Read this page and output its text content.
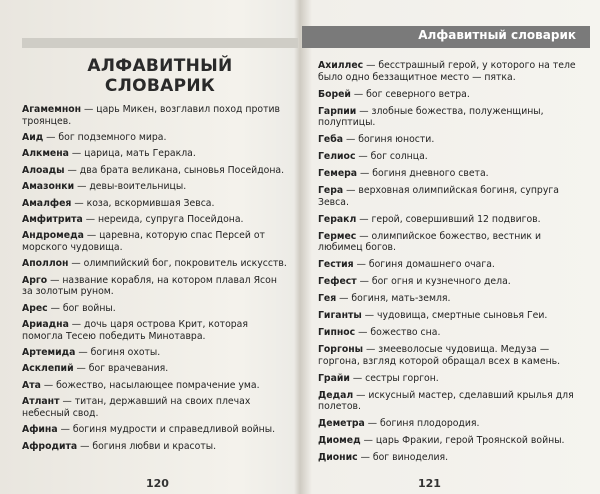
АЛФАВИТНЫЙ
СЛОВАРИК
Агамемнон — царь Микен, возглавил поход против троянцев.
Аид — бог подземного мира.
Алкмена — царица, мать Геракла.
Алоады — два брата великана, сыновья Посейдона.
Амазонки — девы-воительницы.
Амалфея — коза, вскормившая Зевса.
Амфитрита — нереида, супруга Посейдона.
Андромеда — царевна, которую спас Персей от морского чудовища.
Аполлон — олимпийский бог, покровитель искусств.
Арго — название корабля, на котором плавал Ясон за золотым руном.
Арес — бог войны.
Ариадна — дочь царя острова Крит, которая помогла Тесею победить Минотавра.
Артемида — богиня охоты.
Асклепий — бог врачевания.
Ата — божество, насылающее помрачение ума.
Атлант — титан, державший на своих плечах небесный свод.
Афина — богиня мудрости и справедливой войны.
Афродита — богиня любви и красоты.
120
Алфавитный словарик
Ахиллес — бесстрашный герой, у которого на теле было одно беззащитное место — пятка.
Борей — бог северного ветра.
Гарпии — злобные божества, полуженщины, полуптицы.
Геба — богиня юности.
Гелиос — бог солнца.
Гемера — богиня дневного света.
Гера — верховная олимпийская богиня, супруга Зевса.
Геракл — герой, совершивший 12 подвигов.
Гермес — олимпийское божество, вестник и любимец богов.
Гестия — богиня домашнего очага.
Гефест — бог огня и кузнечного дела.
Гея — богиня, мать-земля.
Гиганты — чудовища, смертные сыновья Геи.
Гипнос — божество сна.
Горгоны — змееволосые чудовища. Медуза — горгона, взгляд которой обращал всех в камень.
Грайи — сестры горгон.
Дедал — искусный мастер, сделавший крылья для полетов.
Деметра — богиня плодородия.
Диомед — царь Фракии, герой Троянской войны.
Дионис — бог виноделия.
121
